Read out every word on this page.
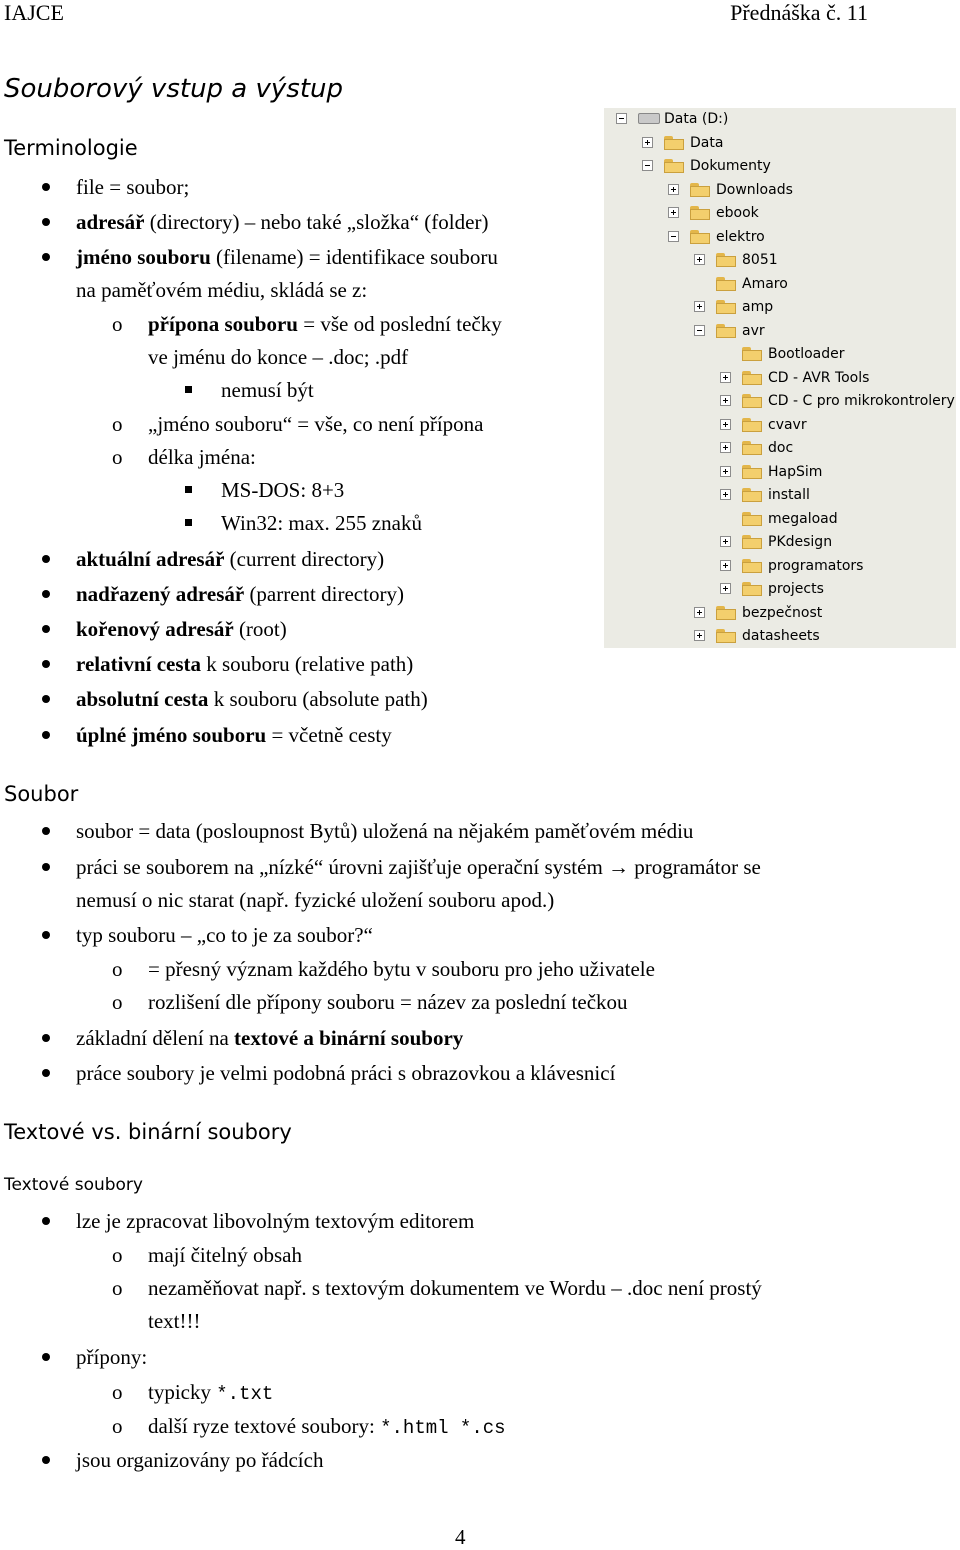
IAJCE	Přednáška č. 11
Souborový vstup a výstup
Terminologie
file = soubor;
adresář (directory) – nebo také „složka“ (folder)
jméno souboru (filename) = identifikace souboru
na paměťovém médiu, skládá se z:
o přípona souboru = vše od poslední tečky
ve jménu do konce – .doc; .pdf
nemusí být
o „jméno souboru“ = vše, co není přípona
o délka jména:
MS-DOS: 8+3
Win32: max. 255 znaků
aktuální adresář (current directory)
nadřazený adresář (parrent directory)
kořenový adresář (root)
relativní cesta k souboru (relative path)
absolutní cesta k souboru (absolute path)
úplné jméno souboru = včetně cesty
Soubor
soubor = data (posloupnost Bytů) uložená na nějakém paměťovém médiu
práci se souborem na „nízké“ úrovni zajišťuje operační systém → programátor se
nemusí o nic starat (např. fyzické uložení souboru apod.)
typ souboru – „co to je za soubor?“
o = přesný význam každého bytu v souboru pro jeho uživatele
o rozlišení dle přípony souboru = název za poslední tečkou
základní dělení na textové a binární soubory
práce soubory je velmi podobná práci s obrazovkou a klávesnicí
Textové vs. binární soubory
Textové soubory
lze je zpracovat libovolným textovým editorem
o mají čitelný obsah
o nezaměňovat např. s textovým dokumentem ve Wordu – .doc není prostý
text!!!
přípony:
o typicky *.txt
o další ryze textové soubory: *.html *.cs
jsou organizovány po řádcích
4
Data (D:)
Data
Dokumenty
Downloads
ebook
elektro
8051
Amaro
amp
avr
Bootloader
CD - AVR Tools
CD - C pro mikrokontrolery
cvavr
doc
HapSim
install
megaload
PKdesign
programators
projects
bezpečnost
datasheets
